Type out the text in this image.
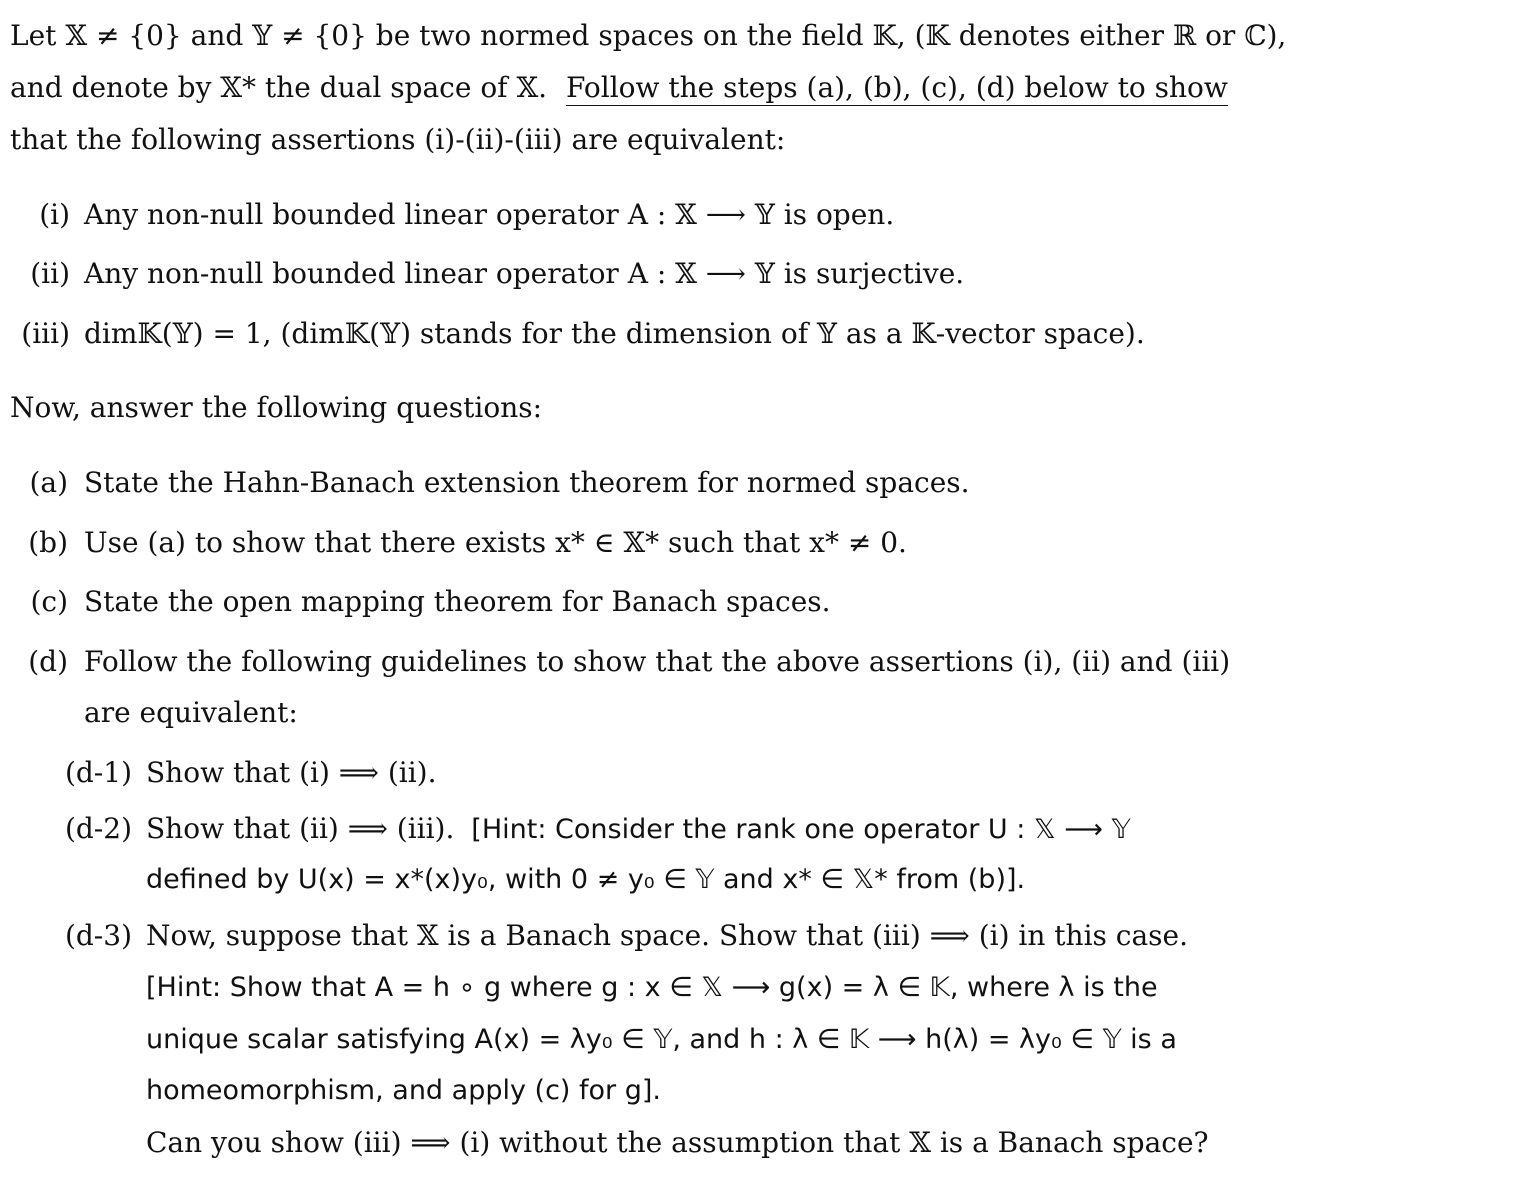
Let 𝕏 ≠ {0} and 𝕐 ≠ {0} be two normed spaces on the field 𝕂, (𝕂 denotes either ℝ or ℂ),
and denote by 𝕏* the dual space of 𝕏. Follow the steps (a), (b), (c), (d) below to show
that the following assertions (i)-(ii)-(iii) are equivalent:
(i) Any non-null bounded linear operator A : 𝕏 ⟶ 𝕐 is open.
(ii) Any non-null bounded linear operator A : 𝕏 ⟶ 𝕐 is surjective.
(iii) dim𝕂(𝕐) = 1, (dim𝕂(𝕐) stands for the dimension of 𝕐 as a 𝕂-vector space).
Now, answer the following questions:
(a) State the Hahn-Banach extension theorem for normed spaces.
(b) Use (a) to show that there exists x* ∈ 𝕏* such that x* ≠ 0.
(c) State the open mapping theorem for Banach spaces.
(d) Follow the following guidelines to show that the above assertions (i), (ii) and (iii)
are equivalent:
(d-1) Show that (i) ⟹ (ii).
(d-2) Show that (ii) ⟹ (iii). [Hint: Consider the rank one operator U : 𝕏 ⟶ 𝕐
defined by U(x) = x*(x)y₀, with 0 ≠ y₀ ∈ 𝕐 and x* ∈ 𝕏* from (b)].
(d-3) Now, suppose that 𝕏 is a Banach space. Show that (iii) ⟹ (i) in this case.
[Hint: Show that A = h ∘ g where g : x ∈ 𝕏 ⟶ g(x) = λ ∈ 𝕂, where λ is the
unique scalar satisfying A(x) = λy₀ ∈ 𝕐, and h : λ ∈ 𝕂 ⟶ h(λ) = λy₀ ∈ 𝕐 is a
homeomorphism, and apply (c) for g].
Can you show (iii) ⟹ (i) without the assumption that 𝕏 is a Banach space?
